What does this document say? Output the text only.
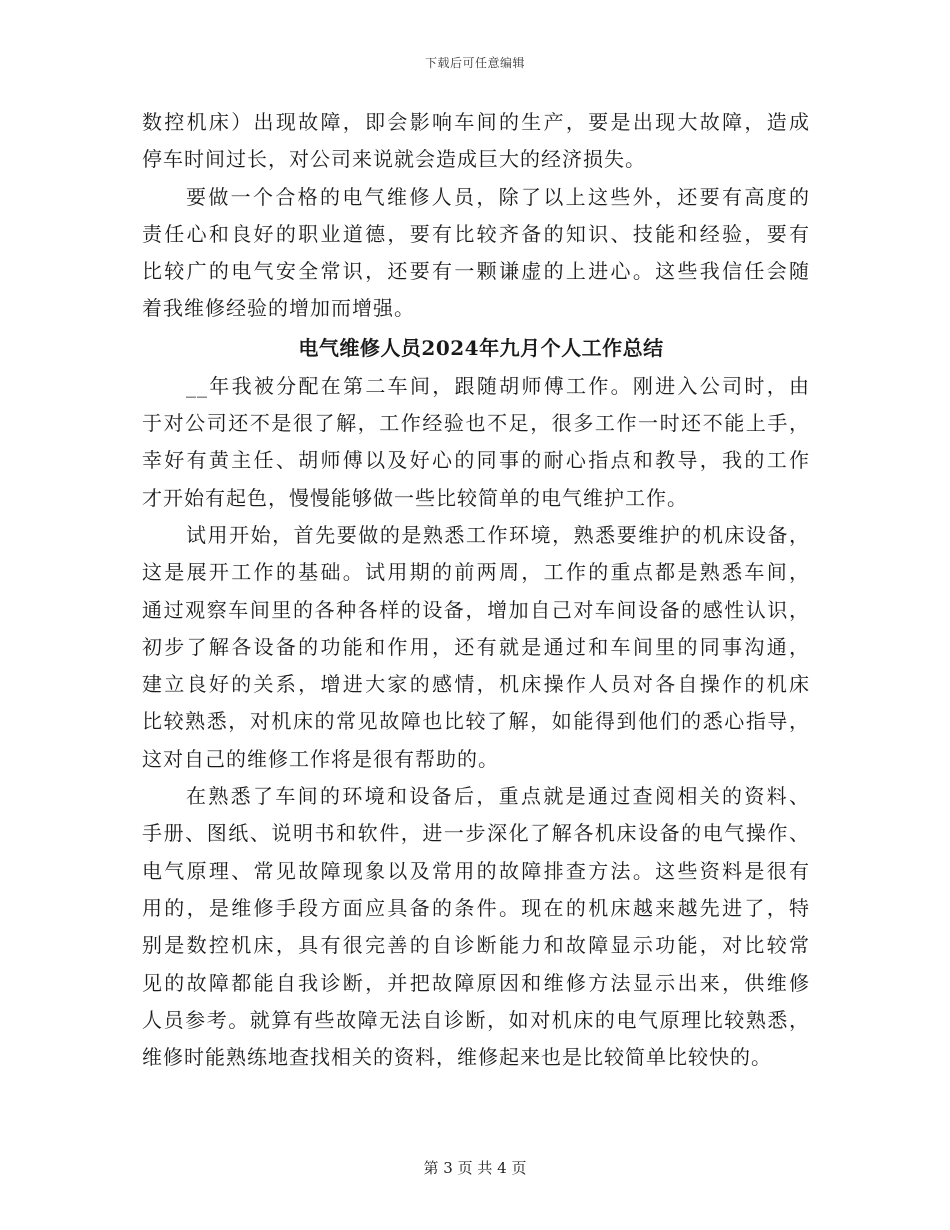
下载后可任意编辑
数控机床）出现故障，即会影响车间的生产，要是出现大故障，造成
停车时间过长，对公司来说就会造成巨大的经济损失。
要做一个合格的电气维修人员，除了以上这些外，还要有高度的
责任心和良好的职业道德，要有比较齐备的知识、技能和经验，要有
比较广的电气安全常识，还要有一颗谦虚的上进心。这些我信任会随
着我维修经验的增加而增强。
电气维修人员2024年九月个人工作总结
__年我被分配在第二车间，跟随胡师傅工作。刚进入公司时，由
于对公司还不是很了解，工作经验也不足，很多工作一时还不能上手，
幸好有黄主任、胡师傅以及好心的同事的耐心指点和教导，我的工作
才开始有起色，慢慢能够做一些比较简单的电气维护工作。
试用开始，首先要做的是熟悉工作环境，熟悉要维护的机床设备，
这是展开工作的基础。试用期的前两周，工作的重点都是熟悉车间，
通过观察车间里的各种各样的设备，增加自己对车间设备的感性认识，
初步了解各设备的功能和作用，还有就是通过和车间里的同事沟通，
建立良好的关系，增进大家的感情，机床操作人员对各自操作的机床
比较熟悉，对机床的常见故障也比较了解，如能得到他们的悉心指导，
这对自己的维修工作将是很有帮助的。
在熟悉了车间的环境和设备后，重点就是通过查阅相关的资料、
手册、图纸、说明书和软件，进一步深化了解各机床设备的电气操作、
电气原理、常见故障现象以及常用的故障排查方法。这些资料是很有
用的，是维修手段方面应具备的条件。现在的机床越来越先进了，特
别是数控机床，具有很完善的自诊断能力和故障显示功能，对比较常
见的故障都能自我诊断，并把故障原因和维修方法显示出来，供维修
人员参考。就算有些故障无法自诊断，如对机床的电气原理比较熟悉，
维修时能熟练地查找相关的资料，维修起来也是比较简单比较快的。
第 3 页 共 4 页
